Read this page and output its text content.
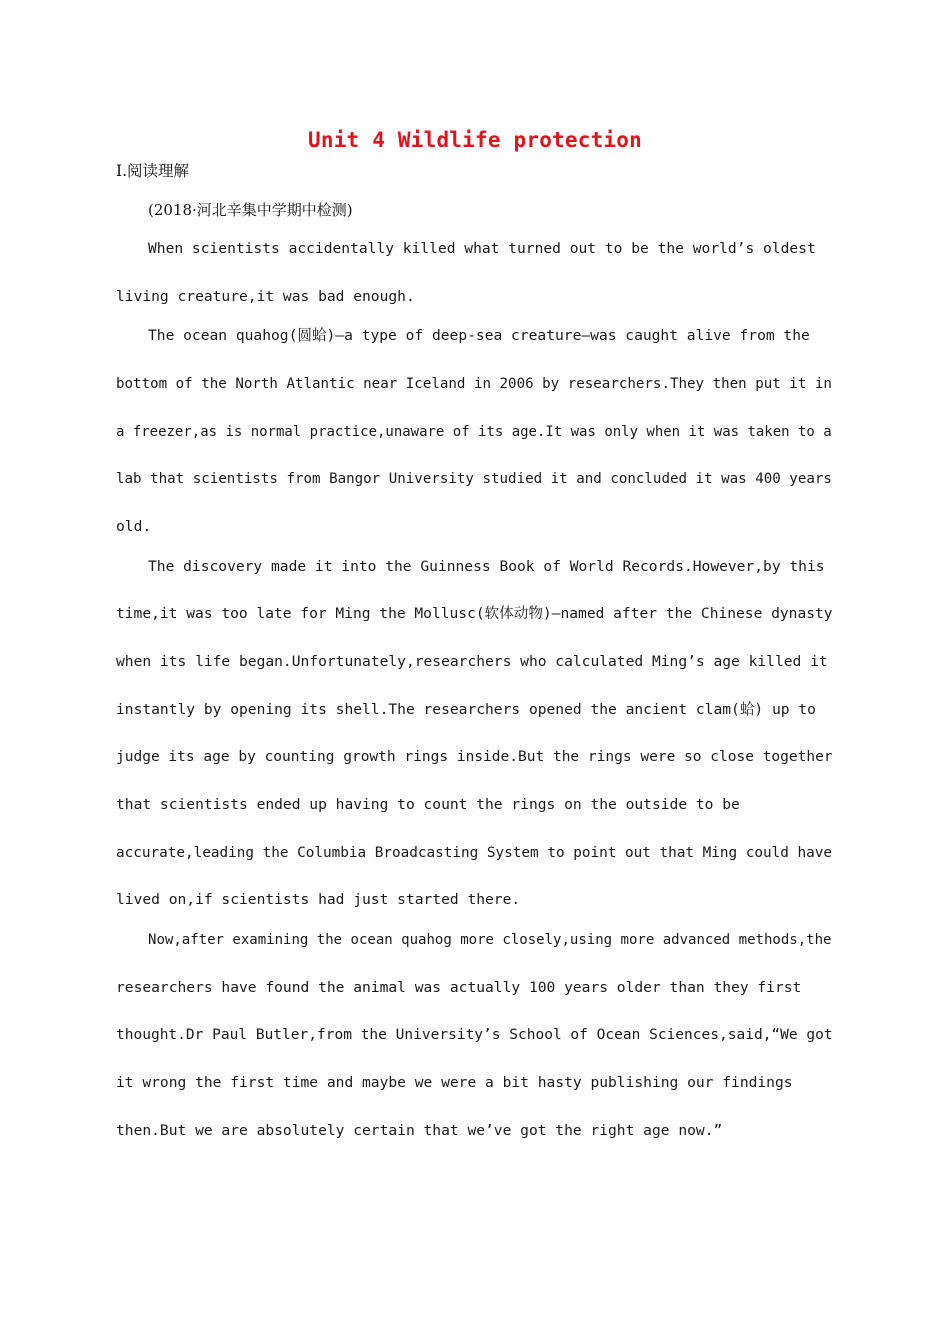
Unit 4 Wildlife protection
Ⅰ.阅读理解
(2018·河北辛集中学期中检测)
When scientists accidentally killed what turned out to be the world’s oldest
living creature,it was bad enough.
The ocean quahog(圆蛤)—a type of deep-sea creature—was caught alive from the
bottom of the North Atlantic near Iceland in 2006 by researchers.They then put it in
a freezer,as is normal practice,unaware of its age.It was only when it was taken to a
lab that scientists from Bangor University studied it and concluded it was 400 years
old.
The discovery made it into the Guinness Book of World Records.However,by this
time,it was too late for Ming the Mollusc(软体动物)—named after the Chinese dynasty
when its life began.Unfortunately,researchers who calculated Ming’s age killed it
instantly by opening its shell.The researchers opened the ancient clam(蛤) up to
judge its age by counting growth rings inside.But the rings were so close together
that scientists ended up having to count the rings on the outside to be
accurate,leading the Columbia Broadcasting System to point out that Ming could have
lived on,if scientists had just started there.
Now,after examining the ocean quahog more closely,using more advanced methods,the
researchers have found the animal was actually 100 years older than they first
thought.Dr Paul Butler,from the University’s School of Ocean Sciences,said,“We got
it wrong the first time and maybe we were a bit hasty publishing our findings
then.But we are absolutely certain that we’ve got the right age now.”
